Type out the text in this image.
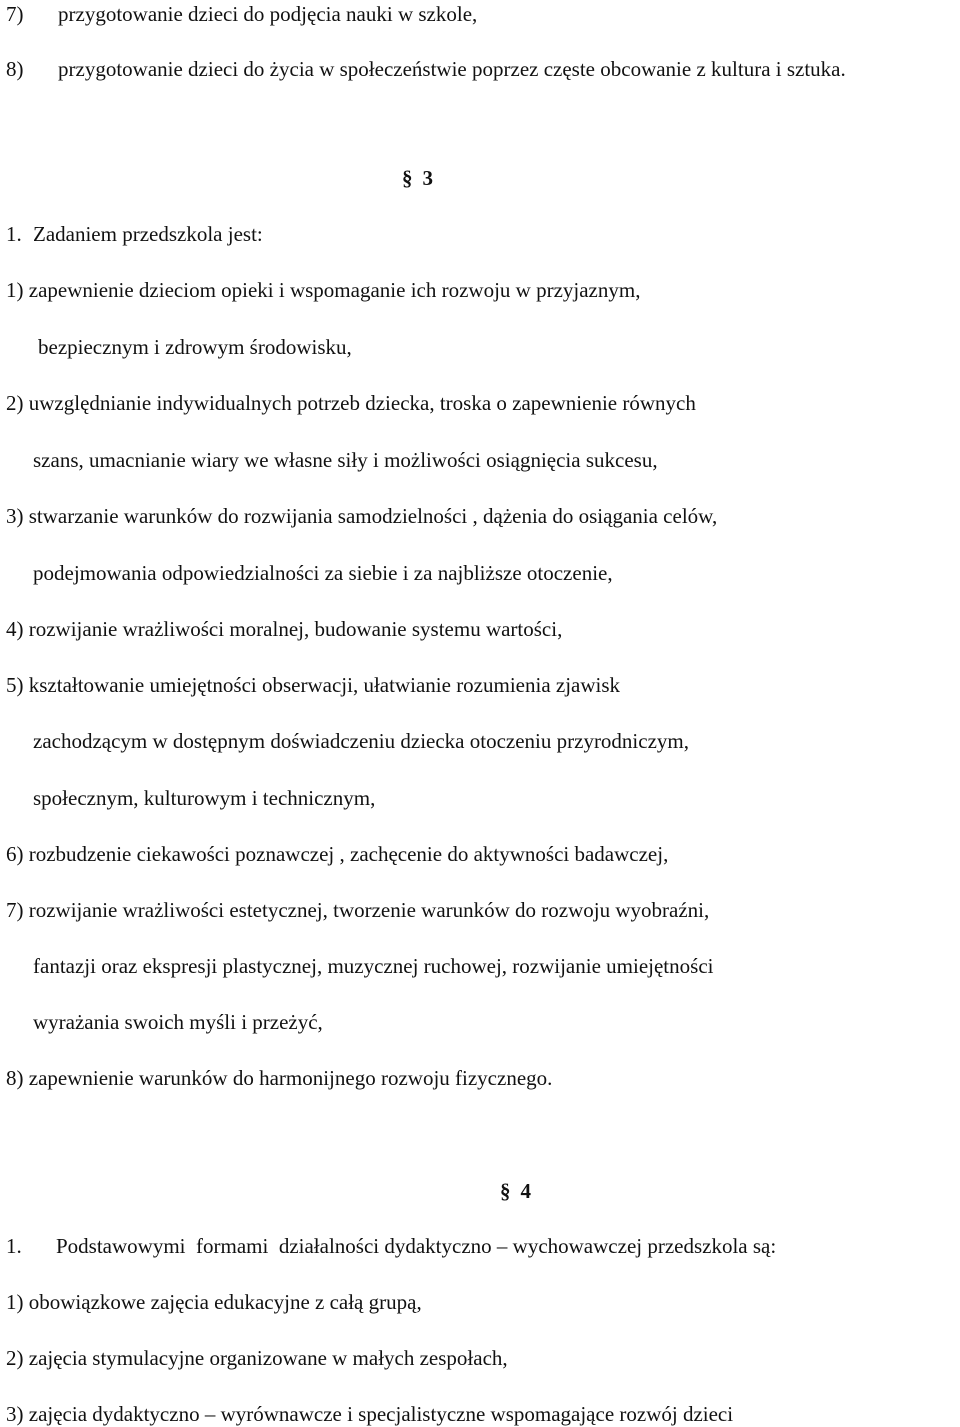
7) przygotowanie dzieci do podjęcia nauki w szkole,
8) przygotowanie dzieci do życia w społeczeństwie poprzez częste obcowanie z kultura i sztuka.
§ 3
1. Zadaniem przedszkola jest:
1) zapewnienie dzieciom opieki i wspomaganie ich rozwoju w przyjaznym,
bezpiecznym i zdrowym środowisku,
2) uwzględnianie indywidualnych potrzeb dziecka, troska o zapewnienie równych
szans, umacnianie wiary we własne siły i możliwości osiągnięcia sukcesu,
3) stwarzanie warunków do rozwijania samodzielności , dążenia do osiągania celów,
podejmowania odpowiedzialności za siebie i za najbliższe otoczenie,
4) rozwijanie wrażliwości moralnej, budowanie systemu wartości,
5) kształtowanie umiejętności obserwacji, ułatwianie rozumienia zjawisk
zachodzącym w dostępnym doświadczeniu dziecka otoczeniu przyrodniczym,
społecznym, kulturowym i technicznym,
6) rozbudzenie ciekawości poznawczej , zachęcenie do aktywności badawczej,
7) rozwijanie wrażliwości estetycznej, tworzenie warunków do rozwoju wyobraźni,
fantazji oraz ekspresji plastycznej, muzycznej ruchowej, rozwijanie umiejętności
wyrażania swoich myśli i przeżyć,
8) zapewnienie warunków do harmonijnego rozwoju fizycznego.
§ 4
1. Podstawowymi  formami  działalności dydaktyczno – wychowawczej przedszkola są:
1) obowiązkowe zajęcia edukacyjne z całą grupą,
2) zajęcia stymulacyjne organizowane w małych zespołach,
3) zajęcia dydaktyczno – wyrównawcze i specjalistyczne wspomagające rozwój dzieci
